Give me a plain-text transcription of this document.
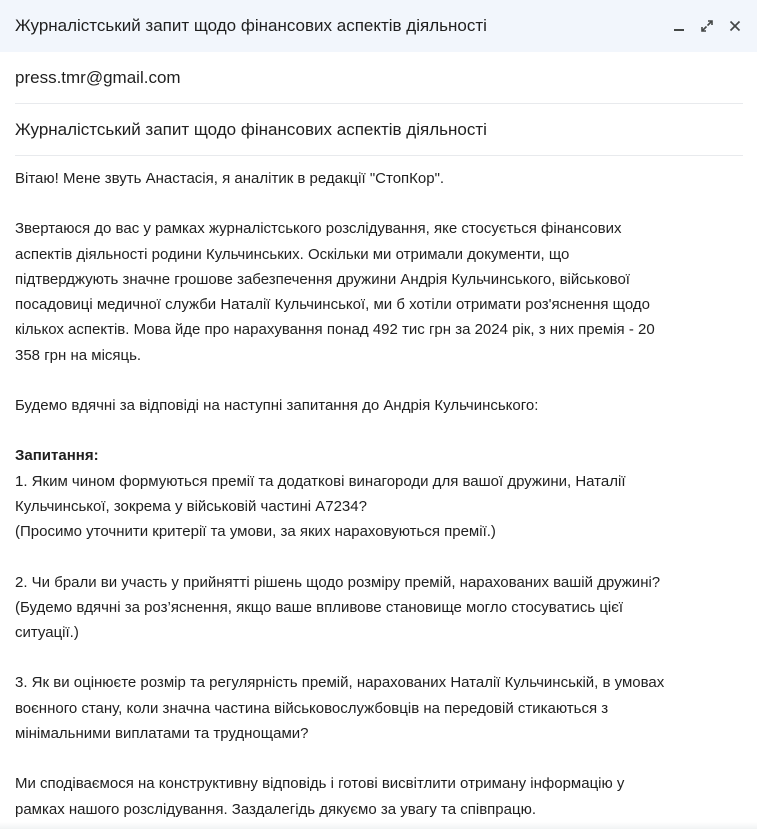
Журналістський запит щодо фінансових аспектів діяльності
press.tmr@gmail.com
Журналістський запит щодо фінансових аспектів діяльності

Вітаю! Мене звуть Анастасія, я аналітик в редакції "СтопКор".

Звертаюся до вас у рамках журналістського розслідування, яке стосується фінансових

аспектів діяльності родини Кульчинських. Оскільки ми отримали документи, що

підтверджують значне грошове забезпечення дружини Андрія Кульчинського, військової

посадовиці медичної служби Наталії Кульчинської, ми б хотіли отримати роз'яснення щодо

кількох аспектів. Мова йде про нарахування понад 492 тис грн за 2024 рік, з них премія - 20

358 грн на місяць.

Будемо вдячні за відповіді на наступні запитання до Андрія Кульчинського:

Запитання:

1. Яким чином формуються премії та додаткові винагороди для вашої дружини, Наталії

Кульчинської, зокрема у військовій частині А7234?

(Просимо уточнити критерії та умови, за яких нараховуються премії.)

2. Чи брали ви участь у прийнятті рішень щодо розміру премій, нарахованих вашій дружині?

(Будемо вдячні за роз’яснення, якщо ваше впливове становище могло стосуватись цієї

ситуації.)

3. Як ви оцінюєте розмір та регулярність премій, нарахованих Наталії Кульчинській, в умовах

воєнного стану, коли значна частина військовослужбовців на передовій стикаються з

мінімальними виплатами та труднощами?

Ми сподіваємося на конструктивну відповідь і готові висвітлити отриману інформацію у

рамках нашого розслідування. Заздалегідь дякуємо за увагу та співпрацю.
